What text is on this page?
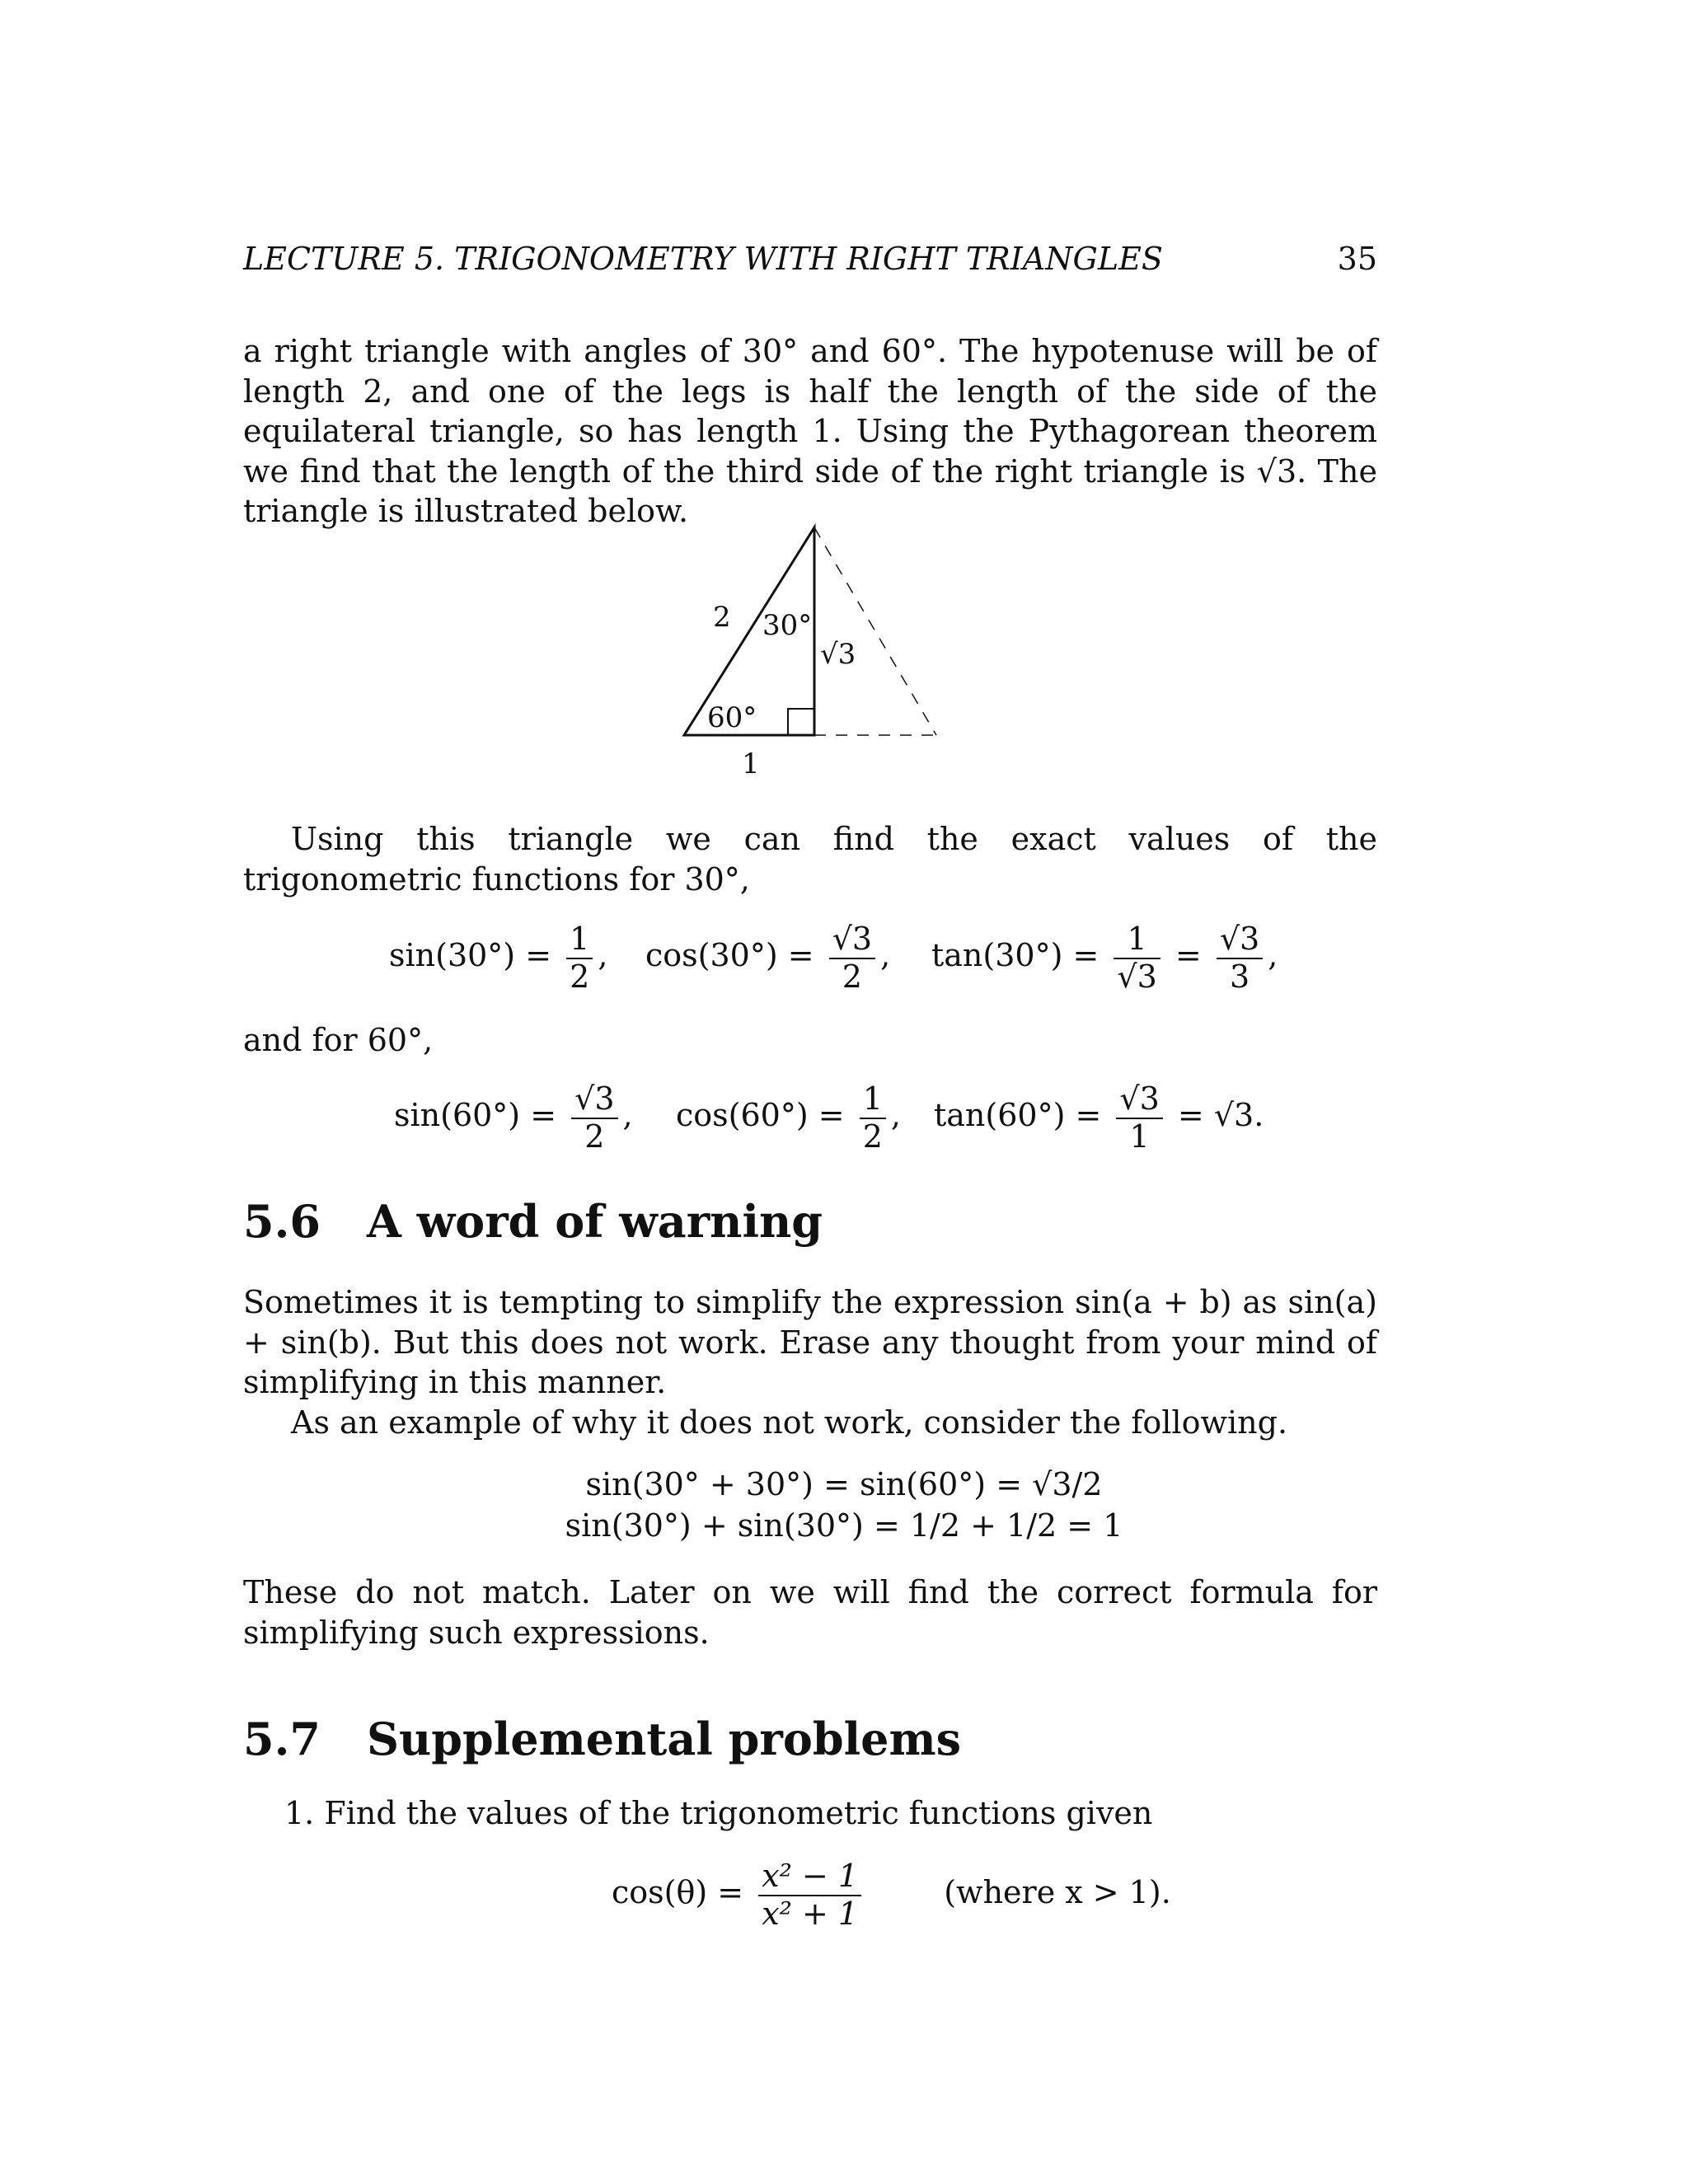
LECTURE 5. TRIGONOMETRY WITH RIGHT TRIANGLES	35

a right triangle with angles of 30° and 60°. The hypotenuse will be of length 2, and one of the legs is half the length of the side of the equilateral triangle, so has length 1. Using the Pythagorean theorem we find that the length of the third side of the right triangle is √3. The triangle is illustrated below.

2 30°
√3
60°
1

Using this triangle we can find the exact values of the trigonometric functions for 30°,

$\sin(30^\circ) = \frac{1}{2}$ , $\cos(30^\circ) = \frac{√3}{2}$ , $\tan(30^\circ) = \frac{1}{√3} = \frac{√3}{3}$ ,

and for 60°,

$\sin(60^\circ) = \frac{√3}{2}$ , $\cos(60^\circ) = \frac{1}{2}$ , $\tan(60^\circ) = \frac{√3}{1} = √3$.
5.6 A word of warning

Sometimes it is tempting to simplify the expression sin(a + b) as sin(a) + sin(b). But this does not work. Erase any thought from your mind of simplifying in this manner.

As an example of why it does not work, consider the following.

sin(30° + 30°) = sin(60°) = √3/2
sin(30°) + sin(30°) = 1/2 + 1/2 = 1

These do not match. Later on we will find the correct formula for simplifying such expressions.

5.7 Supplemental problems
1. Find the values of the trigonometric functions given
$\cos(\theta) = \frac{\text{x² − 1}}{\text{x² + 1}}$	(where x > 1).
